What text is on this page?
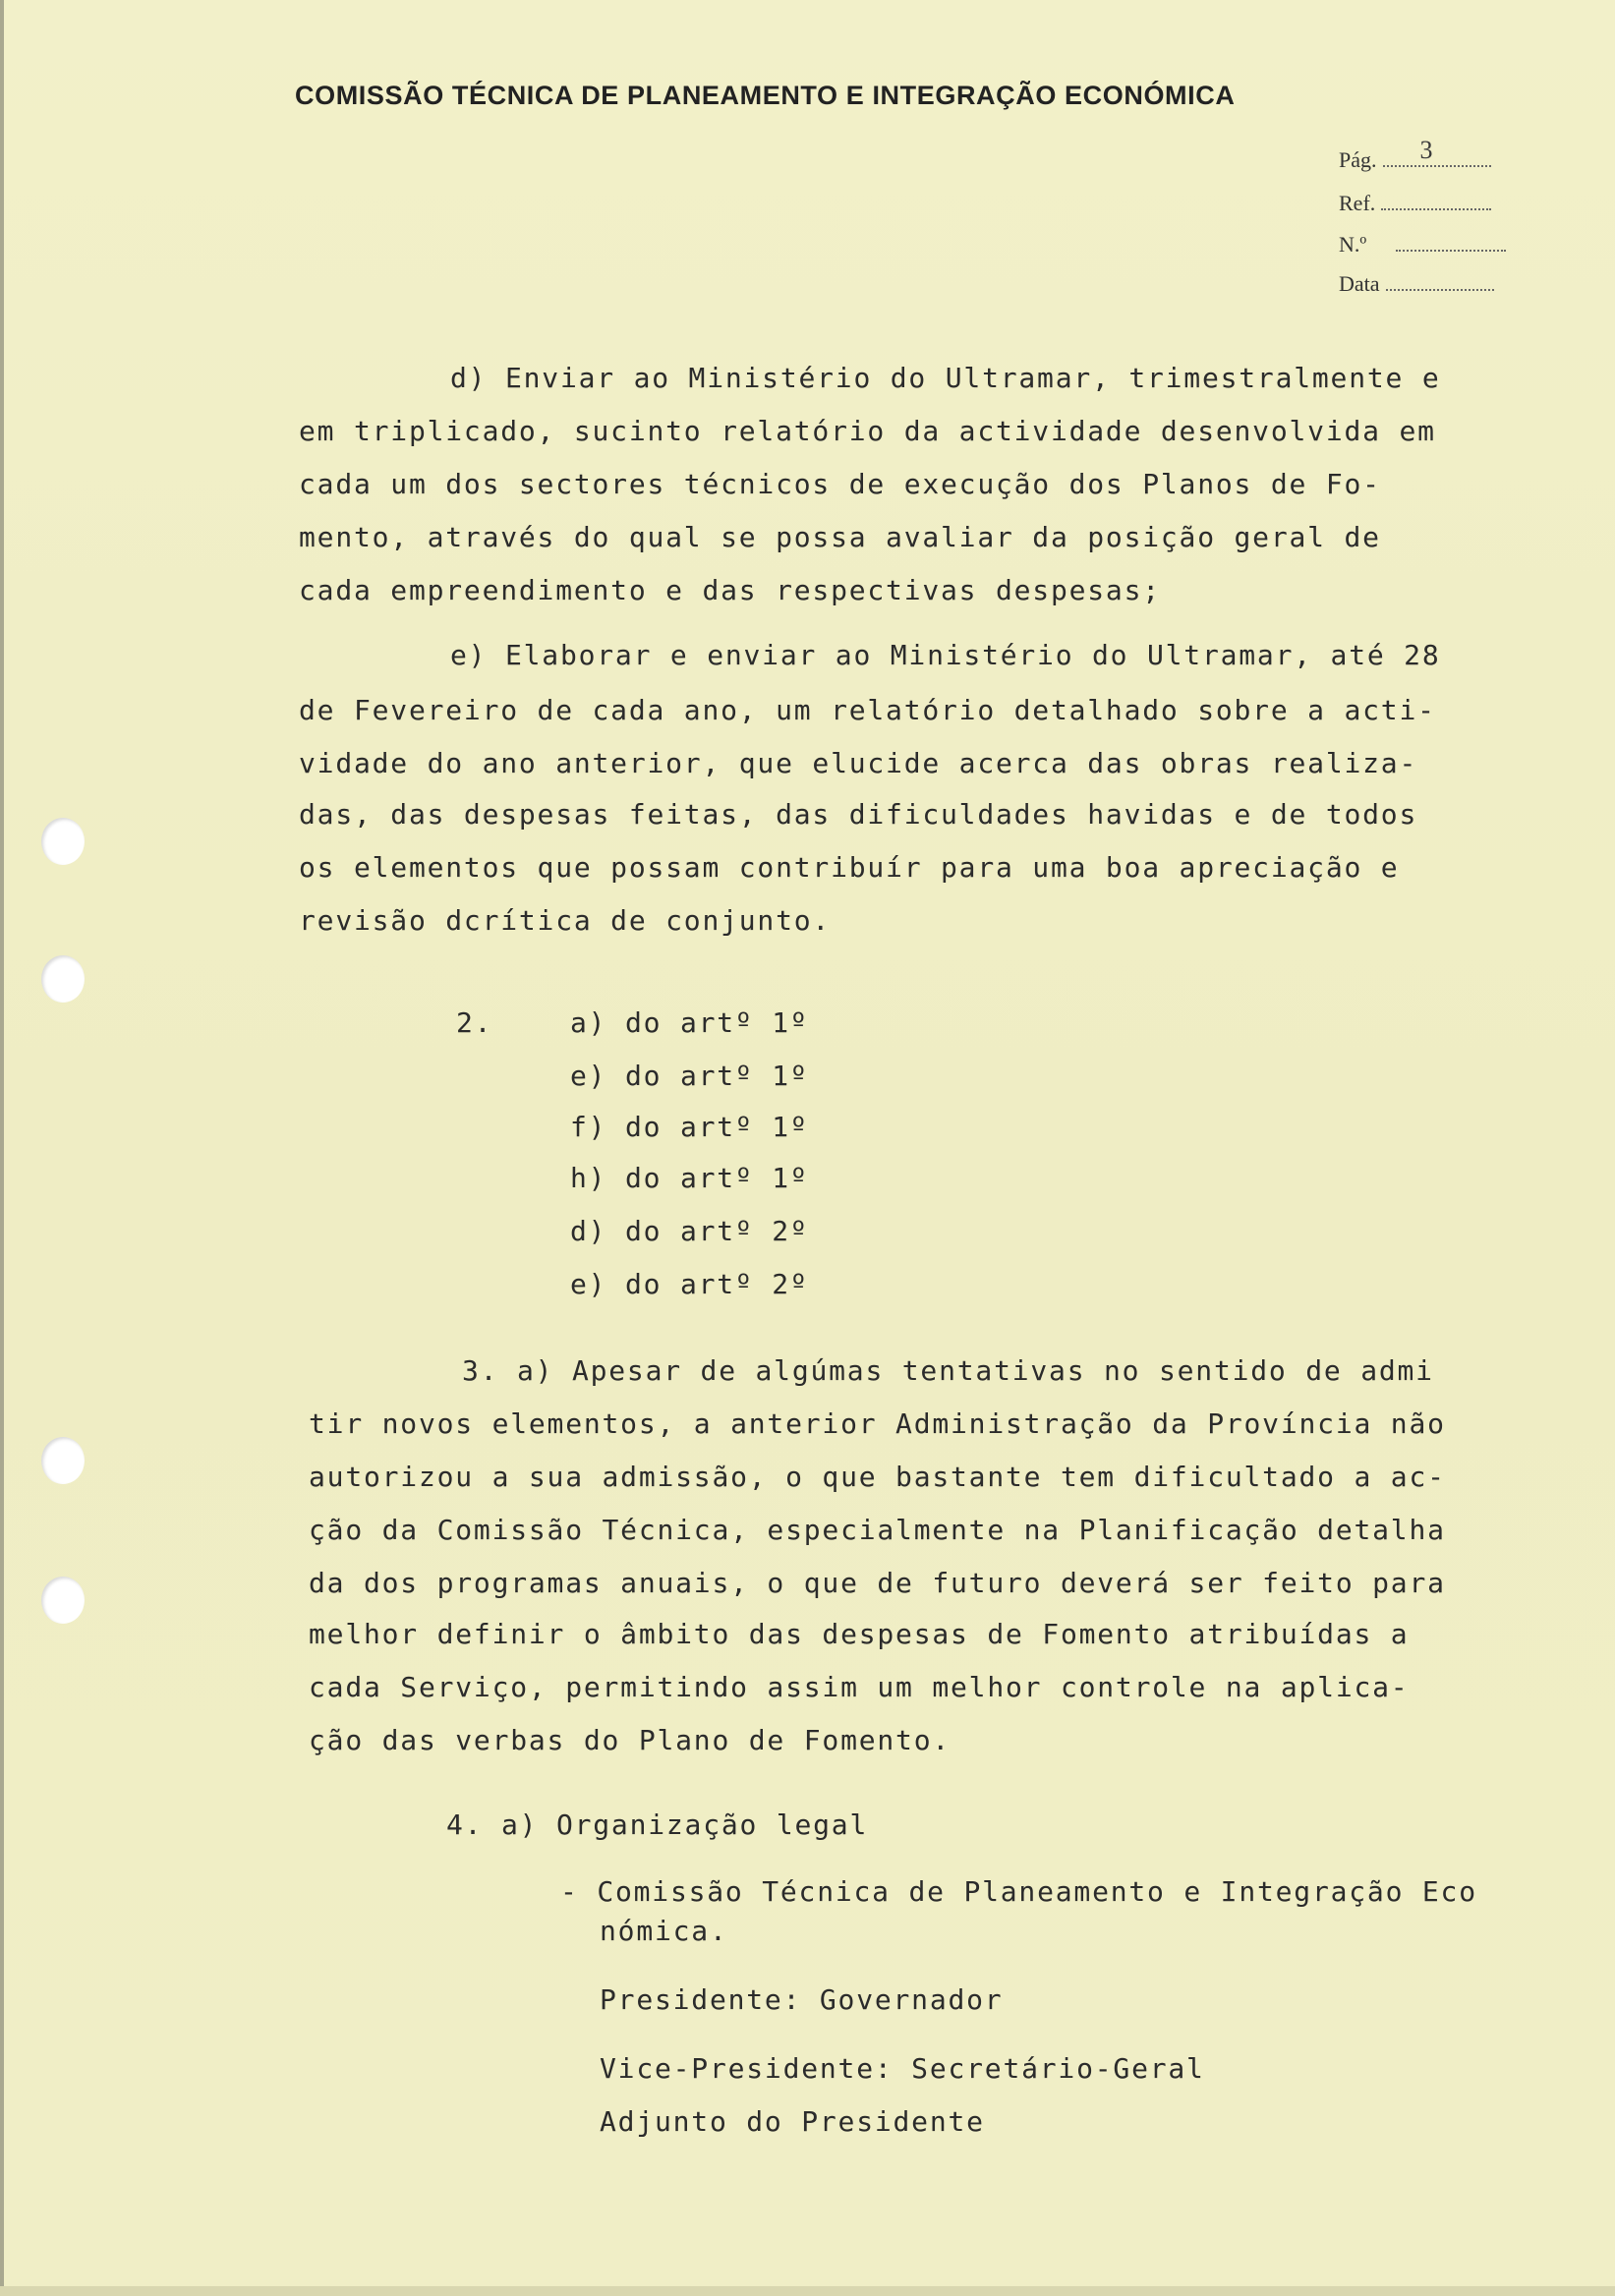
COMISSÃO TÉCNICA DE PLANEAMENTO E INTEGRAÇÃO ECONÓMICA
Pág. 3
Ref.
N.º
Data
d) Enviar ao Ministério do Ultramar, trimestralmente e
em triplicado, sucinto relatório da actividade desenvolvida em
cada um dos sectores técnicos de execução dos Planos de Fo-
mento, através do qual se possa avaliar da posição geral de
cada empreendimento e das respectivas despesas;
e) Elaborar e enviar ao Ministério do Ultramar, até 28
de Fevereiro de cada ano, um relatório detalhado sobre a acti-
vidade do ano anterior, que elucide acerca das obras realiza-
das, das despesas feitas, das dificuldades havidas e de todos
os elementos que possam contribuír para uma boa apreciação e
revisão dcrítica de conjunto.
2.	a) do artº 1º
e) do artº 1º
f) do artº 1º
h) do artº 1º
d) do artº 2º
e) do artº 2º
3. a) Apesar de algúmas tentativas no sentido de admi
tir novos elementos, a anterior Administração da Província não
autorizou a sua admissão, o que bastante tem dificultado a ac-
ção da Comissão Técnica, especialmente na Planificação detalha
da dos programas anuais, o que de futuro deverá ser feito para
melhor definir o âmbito das despesas de Fomento atribuídas a
cada Serviço, permitindo assim um melhor controle na aplica-
ção das verbas do Plano de Fomento.
4. a) Organização legal
- Comissão Técnica de Planeamento e Integração Eco
nómica.
Presidente: Governador
Vice-Presidente: Secretário-Geral
Adjunto do Presidente
